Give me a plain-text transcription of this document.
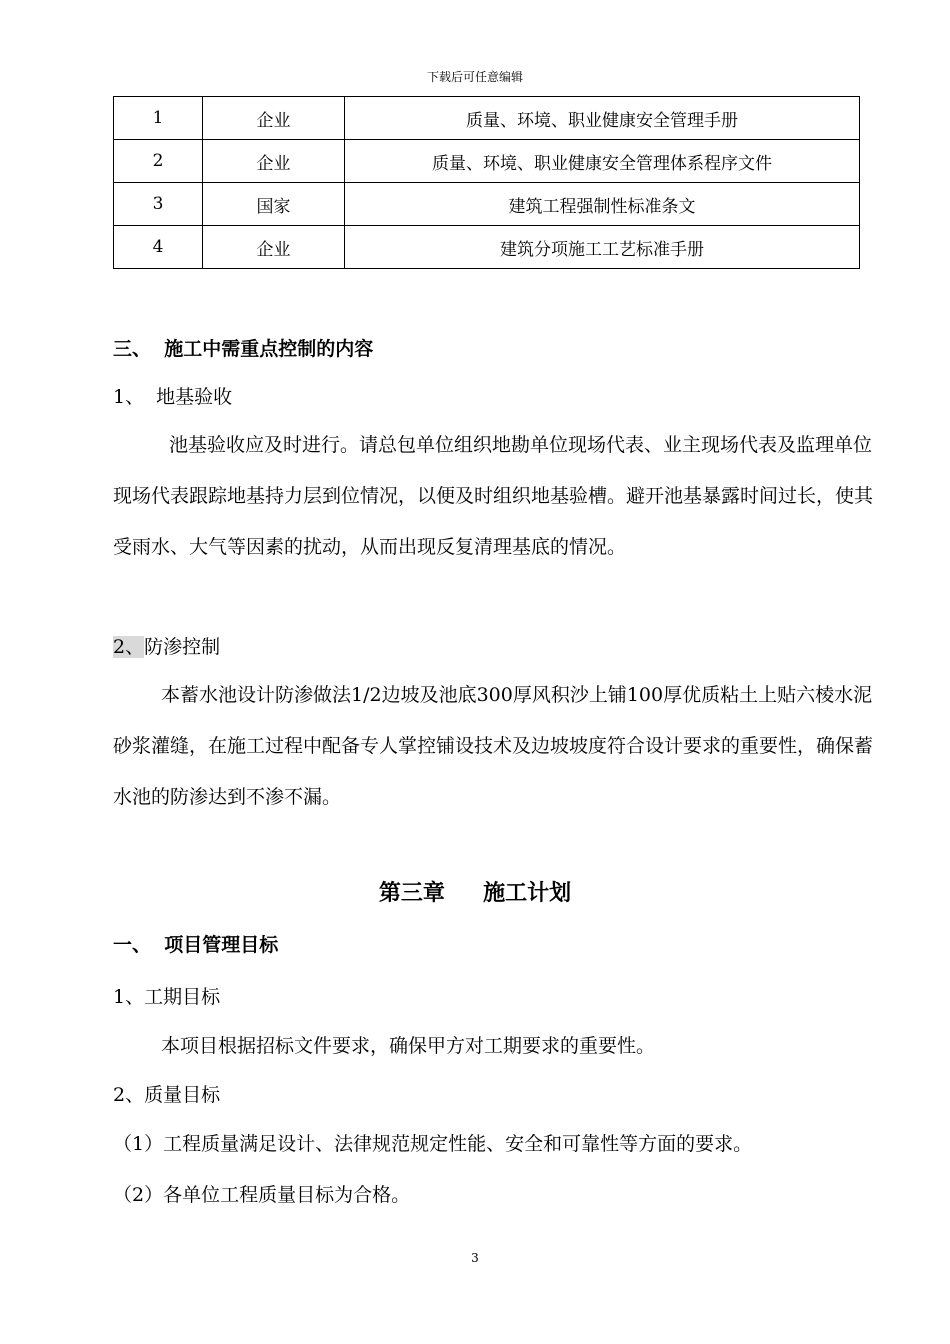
下载后可任意编辑
1	企业	质量、环境、职业健康安全管理手册
2	企业	质量、环境、职业健康安全管理体系程序文件
3	国家	建筑工程强制性标准条文
4	企业	建筑分项施工工艺标准手册
三、  施工中需重点控制的内容
1、  地基验收

池基验收应及时进行。请总包单位组织地勘单位现场代表、业主现场代表及监理单位现场代表跟踪地基持力层到位情况，以便及时组织地基验槽。避开池基暴露时间过长，使其受雨水、大气等因素的扰动，从而出现反复清理基底的情况。

2、防渗控制

本蓄水池设计防渗做法1/2边坡及池底300厚风积沙上铺100厚优质粘土上贴六棱水泥砂浆灌缝，在施工过程中配备专人掌控铺设技术及边坡坡度符合设计要求的重要性，确保蓄水池的防渗达到不渗不漏。

第三章     施工计划
一、  项目管理目标
1、工期目标
本项目根据招标文件要求，确保甲方对工期要求的重要性。
2、质量目标
（1）工程质量满足设计、法律规范规定性能、安全和可靠性等方面的要求。
（2）各单位工程质量目标为合格。
3
